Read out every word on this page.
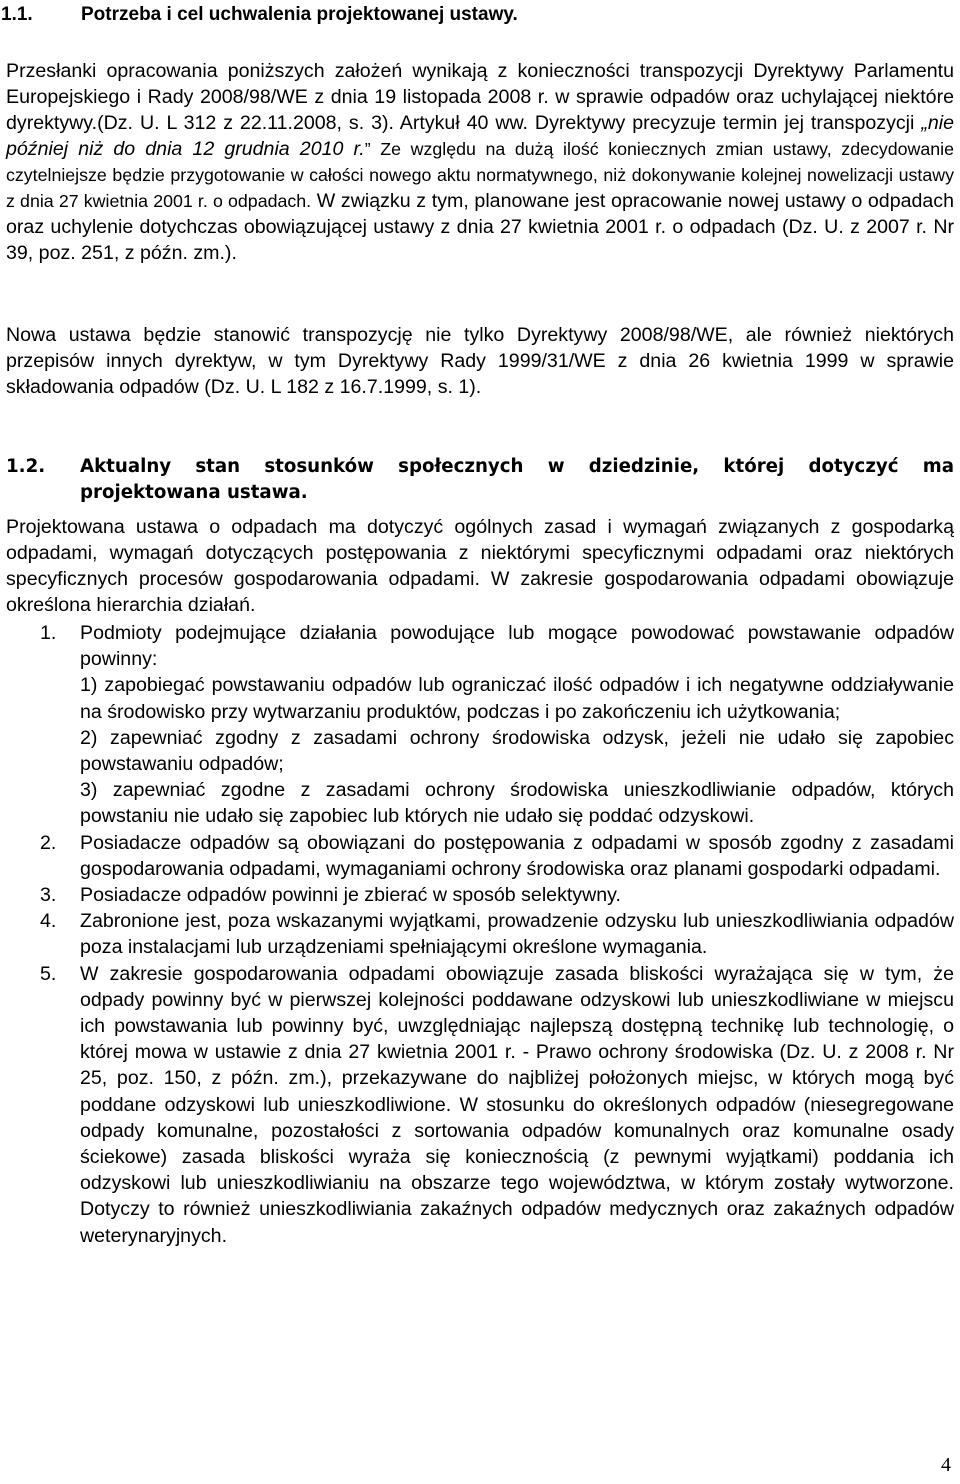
1.1.	Potrzeba i cel uchwalenia projektowanej ustawy.
Przesłanki opracowania poniższych założeń wynikają z konieczności transpozycji Dyrektywy Parlamentu Europejskiego i Rady 2008/98/WE z dnia 19 listopada 2008 r. w sprawie odpadów oraz uchylającej niektóre dyrektywy.(Dz. U. L 312 z 22.11.2008, s. 3). Artykuł 40 ww. Dyrektywy precyzuje termin jej transpozycji „nie później niż do dnia 12 grudnia 2010 r.” Ze względu na dużą ilość koniecznych zmian ustawy, zdecydowanie czytelniejsze będzie przygotowanie w całości nowego aktu normatywnego, niż dokonywanie kolejnej nowelizacji ustawy z dnia 27 kwietnia 2001 r. o odpadach. W związku z tym, planowane jest opracowanie nowej ustawy o odpadach oraz uchylenie dotychczas obowiązującej ustawy z dnia 27 kwietnia 2001 r. o odpadach (Dz. U. z 2007 r. Nr 39, poz. 251, z późn. zm.).
Nowa ustawa będzie stanowić transpozycję nie tylko Dyrektywy 2008/98/WE, ale również niektórych przepisów innych dyrektyw, w tym Dyrektywy Rady 1999/31/WE z dnia 26 kwietnia 1999 w sprawie składowania odpadów (Dz. U. L 182 z 16.7.1999, s. 1).
1.2. Aktualny stan stosunków społecznych w dziedzinie, której dotyczyć ma projektowana ustawa.
Projektowana ustawa o odpadach ma dotyczyć ogólnych zasad i wymagań związanych z gospodarką odpadami, wymagań dotyczących postępowania z niektórymi specyficznymi odpadami oraz niektórych specyficznych procesów gospodarowania odpadami. W zakresie gospodarowania odpadami obowiązuje określona hierarchia działań.
1. Podmioty podejmujące działania powodujące lub mogące powodować powstawanie odpadów powinny:
1) zapobiegać powstawaniu odpadów lub ograniczać ilość odpadów i ich negatywne oddziaływanie na środowisko przy wytwarzaniu produktów, podczas i po zakończeniu ich użytkowania;
2) zapewniać zgodny z zasadami ochrony środowiska odzysk, jeżeli nie udało się zapobiec powstawaniu odpadów;
3) zapewniać zgodne z zasadami ochrony środowiska unieszkodliwianie odpadów, których powstaniu nie udało się zapobiec lub których nie udało się poddać odzyskowi.
2. Posiadacze odpadów są obowiązani do postępowania z odpadami w sposób zgodny z zasadami gospodarowania odpadami, wymaganiami ochrony środowiska oraz planami gospodarki odpadami.
3. Posiadacze odpadów powinni je zbierać w sposób selektywny.
4. Zabronione jest, poza wskazanymi wyjątkami, prowadzenie odzysku lub unieszkodliwiania odpadów poza instalacjami lub urządzeniami spełniającymi określone wymagania.
5. W zakresie gospodarowania odpadami obowiązuje zasada bliskości wyrażająca się w tym, że odpady powinny być w pierwszej kolejności poddawane odzyskowi lub unieszkodliwiane w miejscu ich powstawania lub powinny być, uwzględniając najlepszą dostępną technikę lub technologię, o której mowa w ustawie z dnia 27 kwietnia 2001 r. - Prawo ochrony środowiska (Dz. U. z 2008 r. Nr 25, poz. 150, z późn. zm.), przekazywane do najbliżej położonych miejsc, w których mogą być poddane odzyskowi lub unieszkodliwione. W stosunku do określonych odpadów (niesegregowane odpady komunalne, pozostałości z sortowania odpadów komunalnych oraz komunalne osady ściekowe) zasada bliskości wyraża się koniecznością (z pewnymi wyjątkami) poddania ich odzyskowi lub unieszkodliwianiu na obszarze tego województwa, w którym zostały wytworzone. Dotyczy to również unieszkodliwiania zakaźnych odpadów medycznych oraz zakaźnych odpadów weterynaryjnych.
4
